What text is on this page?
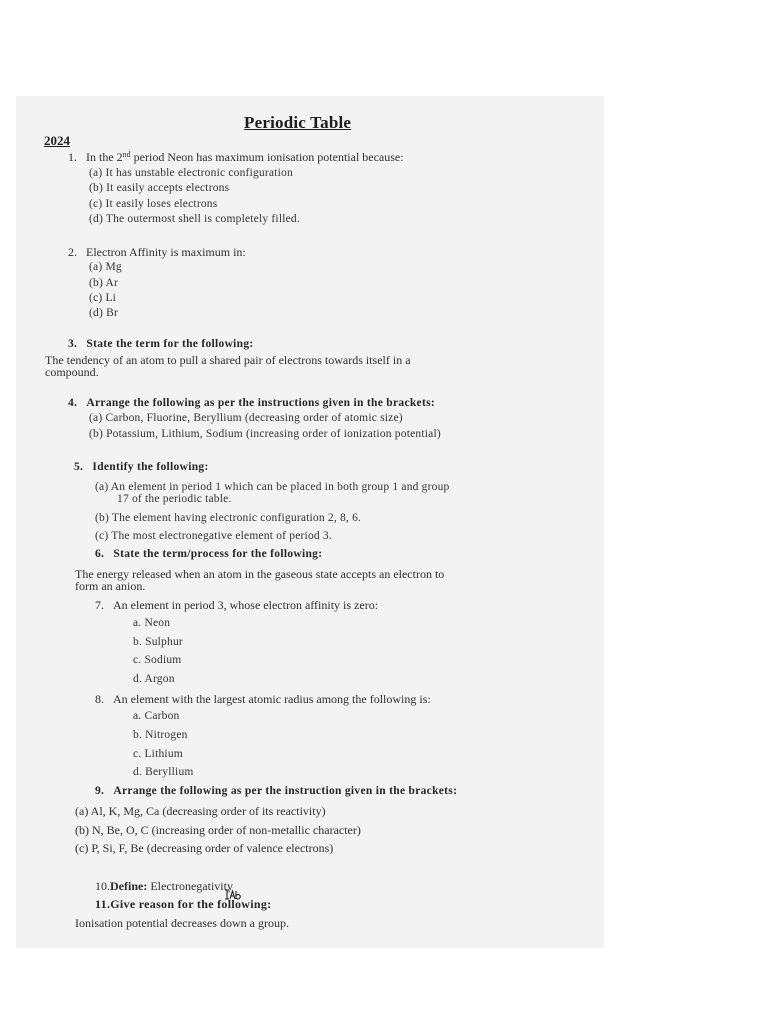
Periodic Table
2024
1. In the 2nd period Neon has maximum ionisation potential because:
(a) It has unstable electronic configuration
(b) It easily accepts electrons
(c) It easily loses electrons
(d) The outermost shell is completely filled.
2. Electron Affinity is maximum in:
(a) Mg
(b) Ar
(c) Li
(d) Br
3. State the term for the following:
The tendency of an atom to pull a shared pair of electrons towards itself in a
compound.
4. Arrange the following as per the instructions given in the brackets:
(a) Carbon, Fluorine, Beryllium (decreasing order of atomic size)
(b) Potassium, Lithium, Sodium (increasing order of ionization potential)
5. Identify the following:
(a) An element in period 1 which can be placed in both group 1 and group
17 of the periodic table.
(b) The element having electronic configuration 2, 8, 6.
(c) The most electronegative element of period 3.
6. State the term/process for the following:
The energy released when an atom in the gaseous state accepts an electron to
form an anion.
7. An element in period 3, whose electron affinity is zero:
a. Neon
b. Sulphur
c. Sodium
d. Argon
8. An element with the largest atomic radius among the following is:
a. Carbon
b. Nitrogen
c. Lithium
d. Beryllium
9. Arrange the following as per the instruction given in the brackets:
(a) Al, K, Mg, Ca (decreasing order of its reactivity)
(b) N, Be, O, C (increasing order of non-metallic character)
(c) P, Si, F, Be (decreasing order of valence electrons)
10.Define: Electronegativity
11.Give reason for the following:
Ionisation potential decreases down a group.
